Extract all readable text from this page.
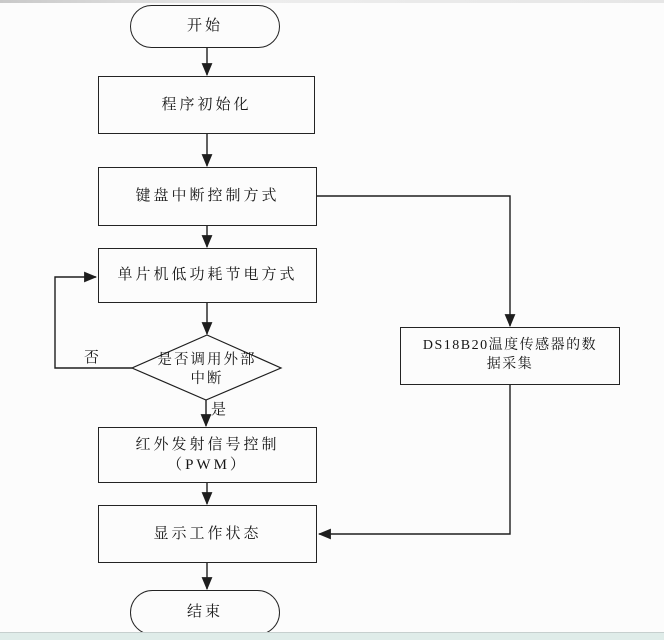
开始
程序初始化
键盘中断控制方式
单片机低功耗节电方式
是否调用外部
中断
否
是
红外发射信号控制
（PWM）
显示工作状态
结束
DS18B20温度传感器的数
据采集
